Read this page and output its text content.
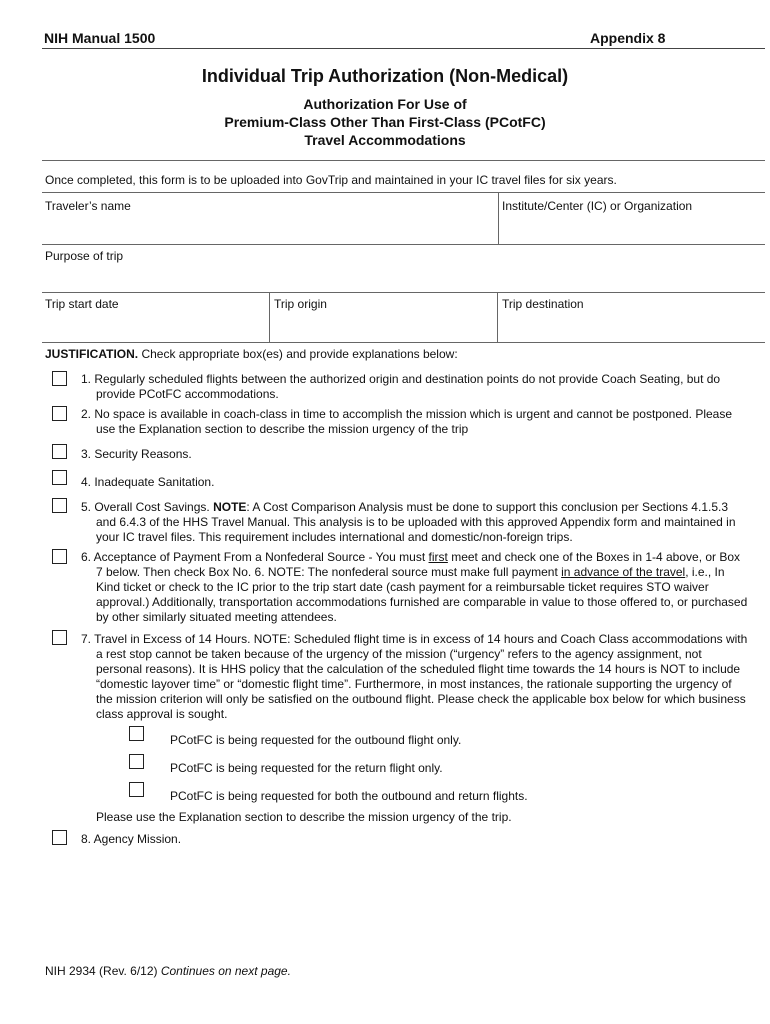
NIH Manual 1500	Appendix 8
Individual Trip Authorization (Non-Medical)
Authorization For Use of
Premium-Class Other Than First-Class (PCotFC)
Travel Accommodations
Once completed, this form is to be uploaded into GovTrip and maintained in your IC travel files for six years.
Traveler’s name	Institute/Center (IC) or Organization
Purpose of trip
Trip start date	Trip origin	Trip destination
JUSTIFICATION. Check appropriate box(es) and provide explanations below:
1. Regularly scheduled flights between the authorized origin and destination points do not provide Coach Seating, but do provide PCotFC accommodations.
2. No space is available in coach-class in time to accomplish the mission which is urgent and cannot be postponed. Please use the Explanation section to describe the mission urgency of the trip
3. Security Reasons.
4. Inadequate Sanitation.
5. Overall Cost Savings. NOTE: A Cost Comparison Analysis must be done to support this conclusion per Sections 4.1.5.3 and 6.4.3 of the HHS Travel Manual. This analysis is to be uploaded with this approved Appendix form and maintained in your IC travel files. This requirement includes international and domestic/non-foreign trips.
6. Acceptance of Payment From a Nonfederal Source - You must first meet and check one of the Boxes in 1-4 above, or Box 7 below. Then check Box No. 6. NOTE: The nonfederal source must make full payment in advance of the travel, i.e., In Kind ticket or check to the IC prior to the trip start date (cash payment for a reimbursable ticket requires STO waiver approval.) Additionally, transportation accommodations furnished are comparable in value to those offered to, or purchased by other similarly situated meeting attendees.
7. Travel in Excess of 14 Hours. NOTE: Scheduled flight time is in excess of 14 hours and Coach Class accommodations with a rest stop cannot be taken because of the urgency of the mission (“urgency” refers to the agency assignment, not personal reasons). It is HHS policy that the calculation of the scheduled flight time towards the 14 hours is NOT to include “domestic layover time” or “domestic flight time”. Furthermore, in most instances, the rationale supporting the urgency of the mission criterion will only be satisfied on the outbound flight. Please check the applicable box below for which business class approval is sought.
PCotFC is being requested for the outbound flight only.
PCotFC is being requested for the return flight only.
PCotFC is being requested for both the outbound and return flights.
Please use the Explanation section to describe the mission urgency of the trip.
8. Agency Mission.
NIH 2934 (Rev. 6/12) Continues on next page.
